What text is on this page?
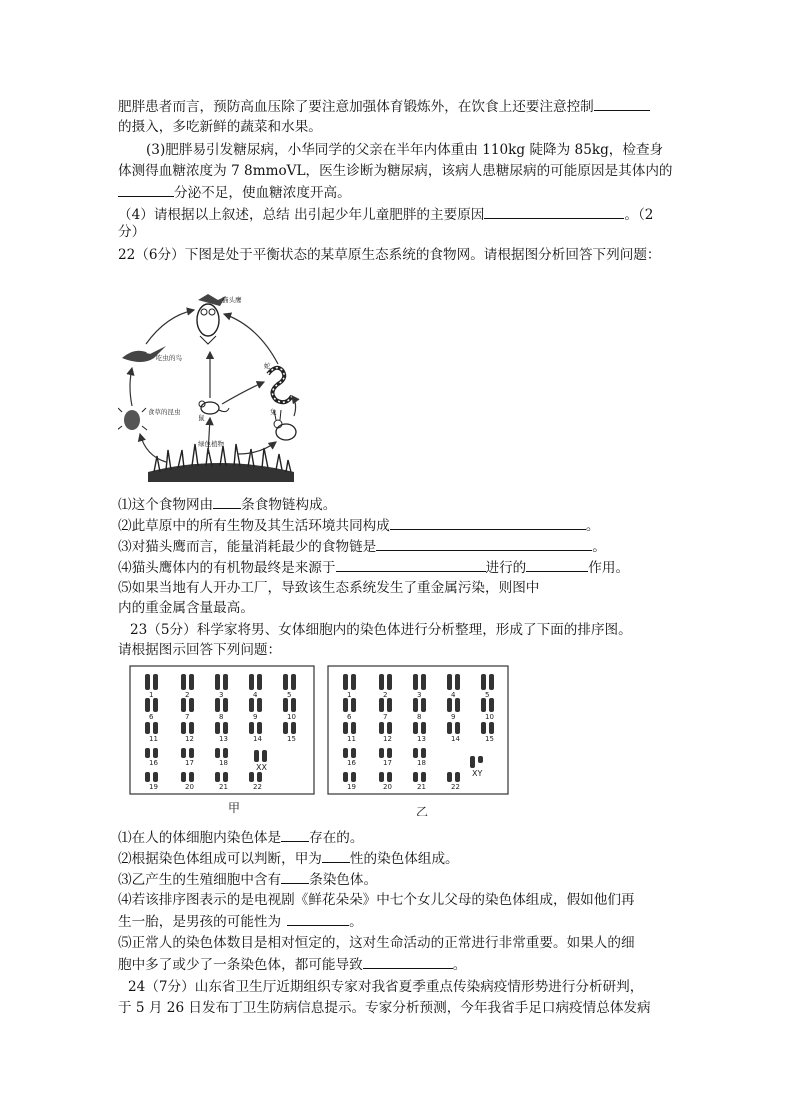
肥胖患者而言，预防高血压除了要注意加强体育锻炼外，在饮食上还要注意控制
的摄入，多吃新鲜的蔬菜和水果。
(3)肥胖易引发糖尿病，小华同学的父亲在半年内体重由 110kg 陡降为 85kg，检查身
体测得血糖浓度为 7 8mmoVL，医生诊断为糖尿病，该病人患糖尿病的可能原因是其体内的
分泌不足，使血糖浓度开高。
（4）请根据以上叙述，总结 出引起少年儿童肥胖的主要原因	。（2
分）
22（6分）下图是处于平衡状态的某草原生态系统的食物网。请根据图分析回答下列问题：
猫头鹰
吃虫的鸟
蛇
食草的昆虫
鼠
兔
绿色植物
⑴这个食物网由 条食物链构成。
⑵此草原中的所有生物及其生活环境共同构成	。
⑶对猫头鹰而言，能量消耗最少的食物链是	。
⑷猫头鹰体内的有机物最终是来源于	进行的	作用。
⑸如果当地有人开办工厂，导致该生态系统发生了重金属污染，则图中
内的重金属含量最高。
23（5分）科学家将男、女体细胞内的染色体进行分析整理，形成了下面的排序图。
请根据图示回答下列问题：
1	2	3	4	5
6	7	8	9	10
11	12	13	14	15
16	17	18
19	20	21	22
XX
1	2	3	4	5
6	7	8	9	10
11	12	13	14	15
16	17	18
19	20	21	22
XY
甲	乙
⑴在人的体细胞内染色体是 存在的。
⑵根据染色体组成可以判断，甲为 性的染色体组成。
⑶乙产生的生殖细胞中含有 条染色体。
⑷若该排序图表示的是电视剧《鲜花朵朵》中七个女儿父母的染色体组成，假如他们再
生一胎，是男孩的可能性为	。
⑸正常人的染色体数目是相对恒定的，这对生命活动的正常进行非常重要。如果人的细
胞中多了或少了一条染色体，都可能导致	。
24（7分）山东省卫生厅近期组织专家对我省夏季重点传染病疫情形势进行分析研判，
于 5 月 26 日发布丁卫生防病信息提示。专家分析预测，今年我省手足口病疫情总体发病
